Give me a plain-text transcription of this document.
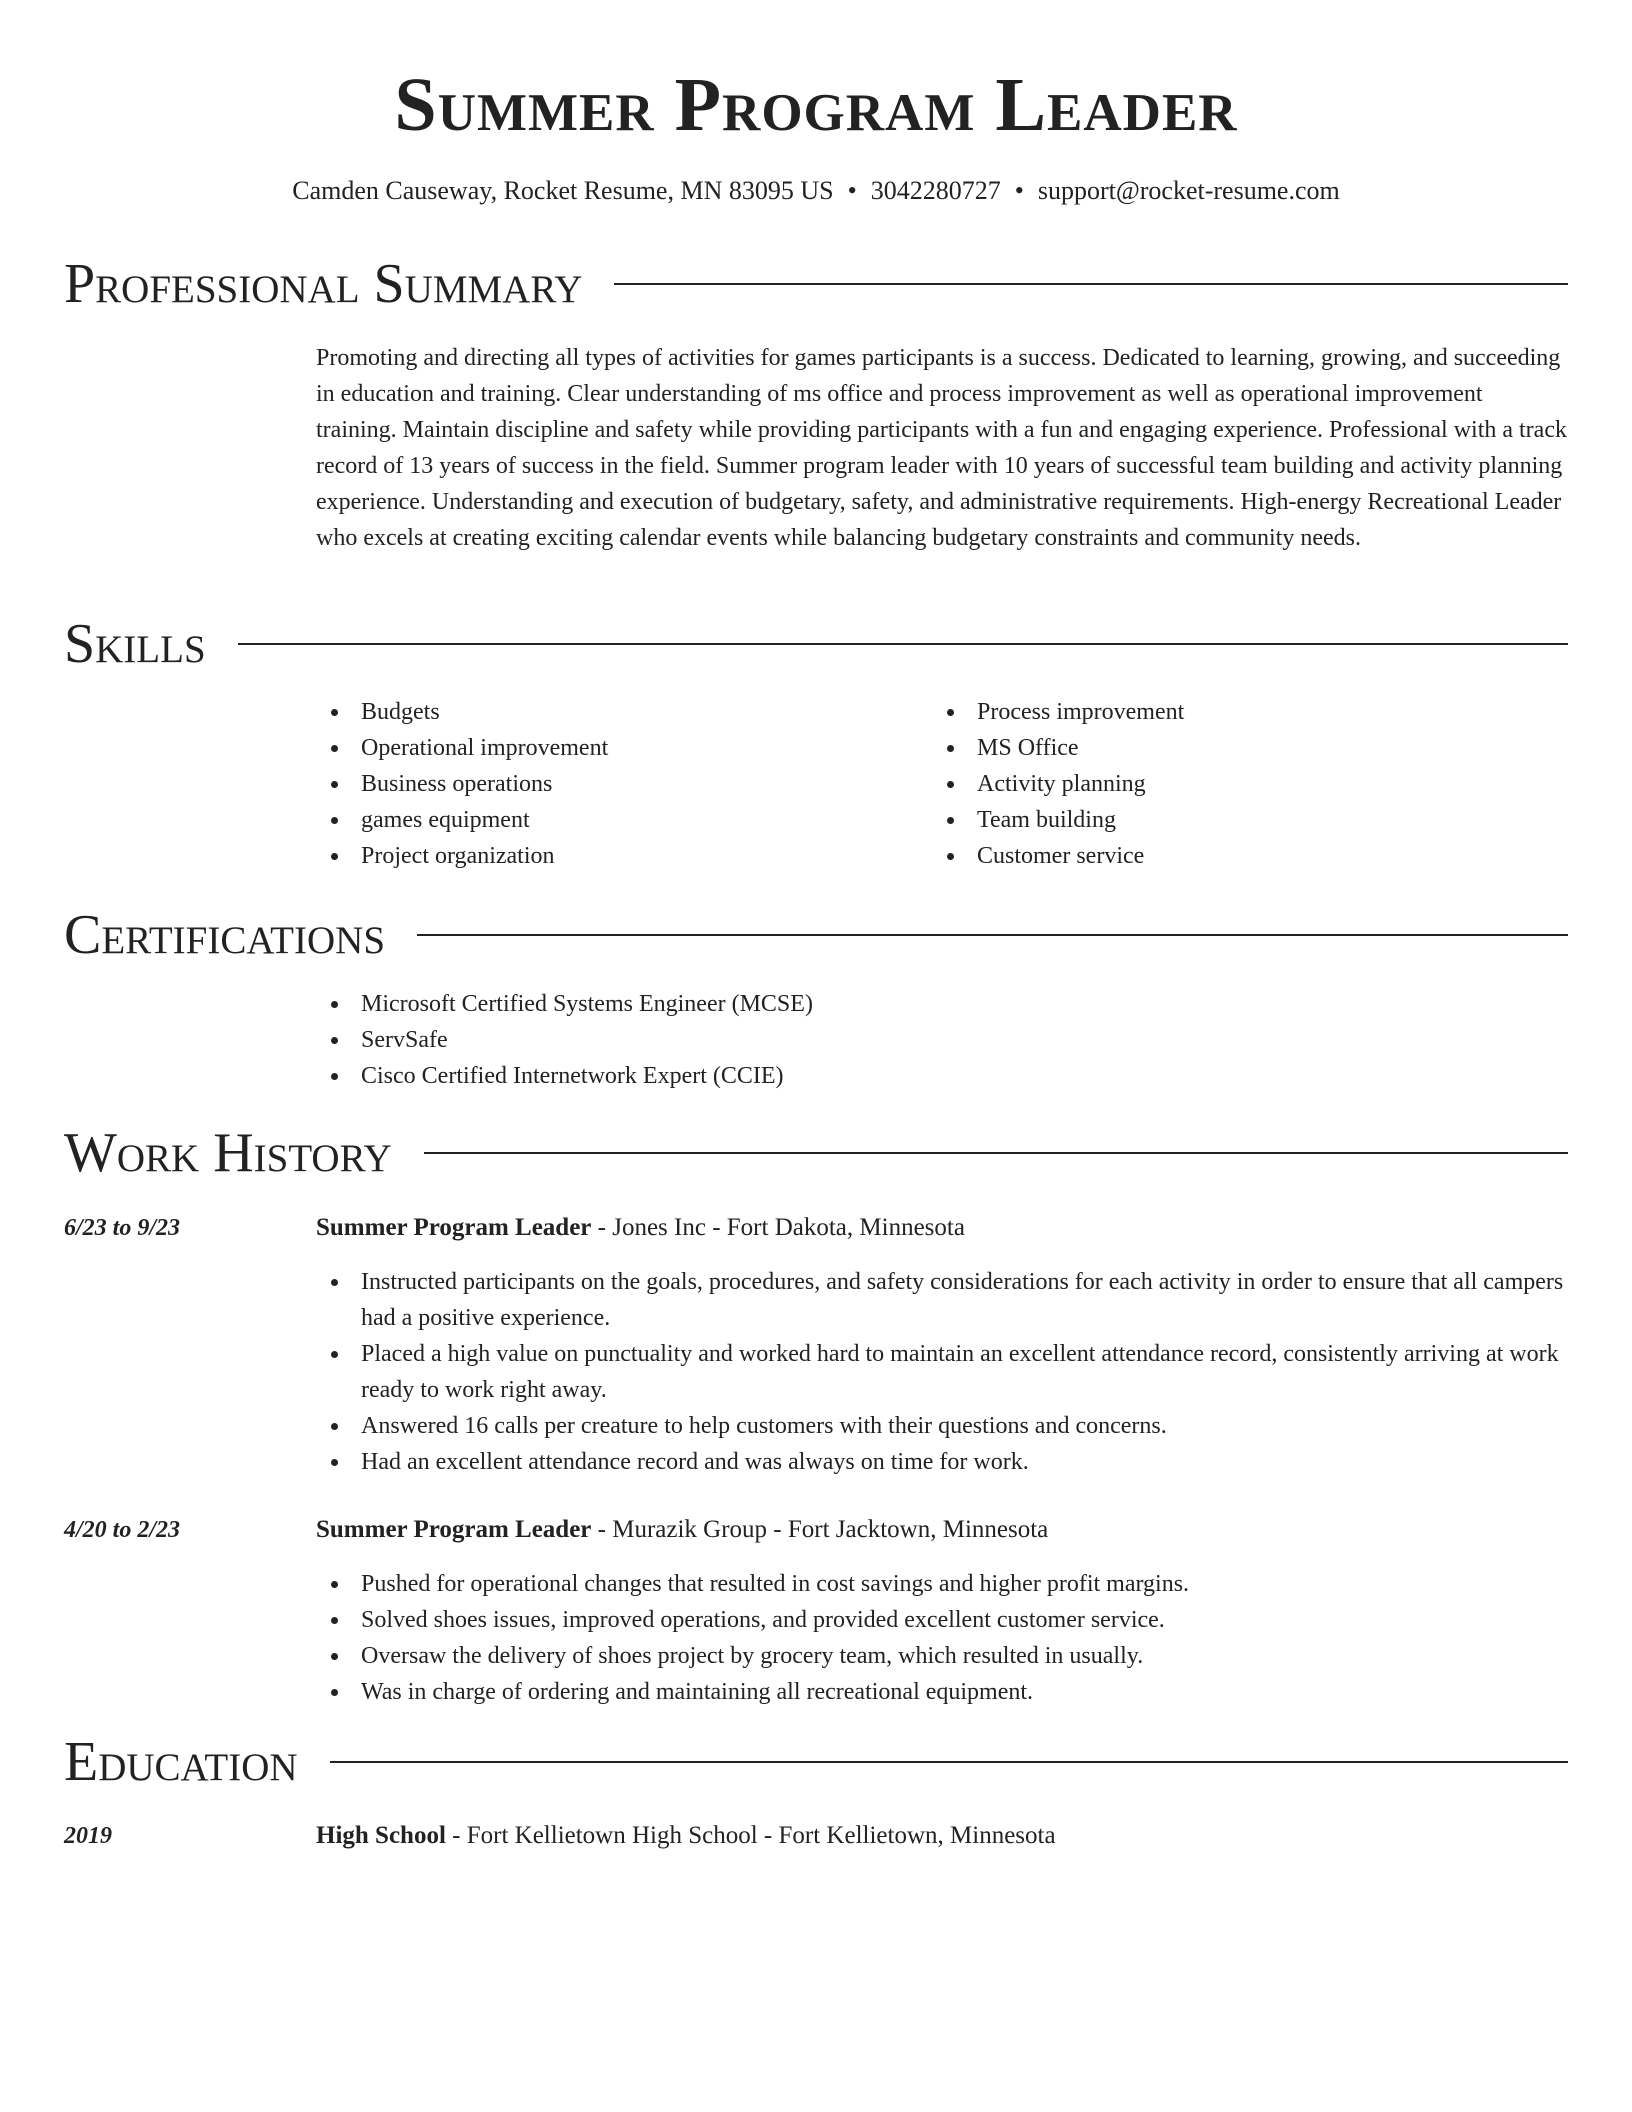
Summer Program Leader
Camden Causeway, Rocket Resume, MN 83095 US • 3042280727 • support@rocket-resume.com
Professional Summary

Promoting and directing all types of activities for games participants is a success. Dedicated to learning, growing, and succeeding in education and training. Clear understanding of ms office and process improvement as well as operational improvement training. Maintain discipline and safety while providing participants with a fun and engaging experience. Professional with a track record of 13 years of success in the field. Summer program leader with 10 years of successful team building and activity planning experience. Understanding and execution of budgetary, safety, and administrative requirements. High-energy Recreational Leader who excels at creating exciting calendar events while balancing budgetary constraints and community needs.

Skills
Budgets
Operational improvement
Business operations
games equipment
Project organization
Process improvement
MS Office
Activity planning
Team building
Customer service
Certifications
Microsoft Certified Systems Engineer (MCSE)
ServSafe
Cisco Certified Internetwork Expert (CCIE)
Work History
6/23 to 9/23	Summer Program Leader - Jones Inc - Fort Dakota, Minnesota
Instructed participants on the goals, procedures, and safety considerations for each activity in order to ensure that all campers had a positive experience.
Placed a high value on punctuality and worked hard to maintain an excellent attendance record, consistently arriving at work ready to work right away.
Answered 16 calls per creature to help customers with their questions and concerns.
Had an excellent attendance record and was always on time for work.
4/20 to 2/23	Summer Program Leader - Murazik Group - Fort Jacktown, Minnesota
Pushed for operational changes that resulted in cost savings and higher profit margins.
Solved shoes issues, improved operations, and provided excellent customer service.
Oversaw the delivery of shoes project by grocery team, which resulted in usually.
Was in charge of ordering and maintaining all recreational equipment.
Education
2019	High School - Fort Kellietown High School - Fort Kellietown, Minnesota
